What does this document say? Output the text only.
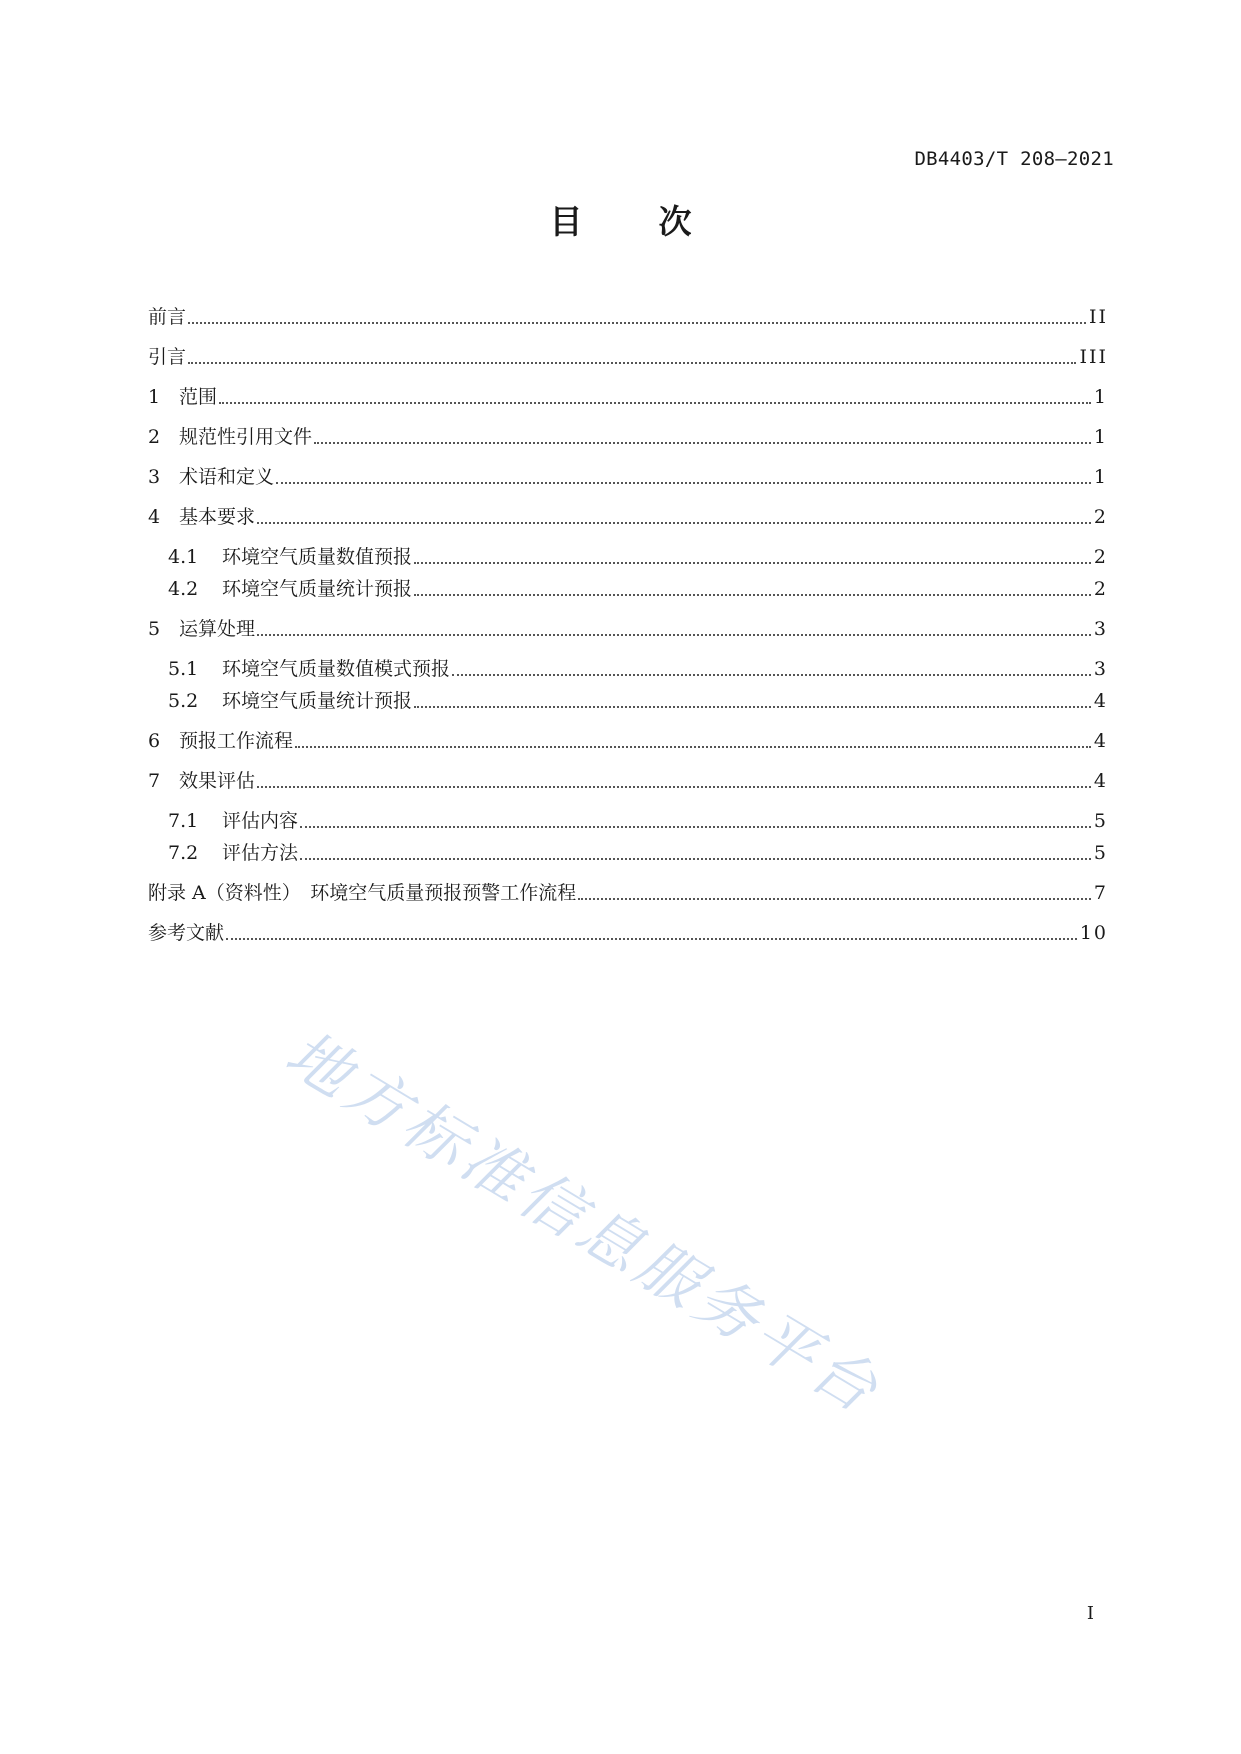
DB4403/T 208—2021
目 次
前言	II
引言	III
1 范围	1
2 规范性引用文件	1
3 术语和定义	1
4 基本要求	2
4.1	环境空气质量数值预报	2
4.2	环境空气质量统计预报	2
5 运算处理	3
5.1	环境空气质量数值模式预报	3
5.2	环境空气质量统计预报	4
6 预报工作流程	4
7 效果评估	4
7.1	评估内容	5
7.2	评估方法	5
附录 A（资料性）　环境空气质量预报预警工作流程	7
参考文献	10
地方标准信息服务平台
I
